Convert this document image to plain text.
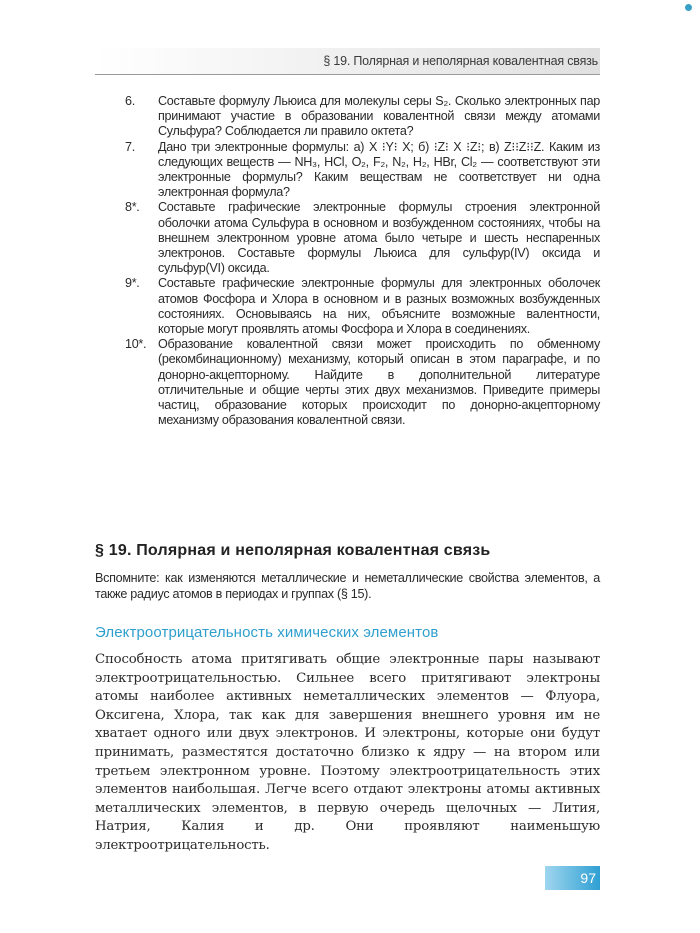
§ 19. Полярная и неполярная ковалентная связь
6.	Составьте формулу Льюиса для молекулы серы S₂. Сколько электронных пар принимают участие в образовании ковалентной связи между атомами Сульфура? Соблюдается ли правило октета?
7.	Дано три электронные формулы: а) X ⁝Y⁝ X; б) ⁝Z⁝ X ⁝Z⁝; в) Z⁝⁝Z⁝⁝Z. Каким из следующих веществ — NH₃, HCl, O₂, F₂, N₂, H₂, HBr, Cl₂ — соответствуют эти электронные формулы? Каким веществам не соответствует ни одна электронная формула?
8*.	Составьте графические электронные формулы строения электронной оболочки атома Сульфура в основном и возбужденном состояниях, чтобы на внешнем электронном уровне атома было четыре и шесть неспаренных электронов. Составьте формулы Льюиса для сульфур(IV) оксида и сульфур(VI) оксида.
9*.	Составьте графические электронные формулы для электронных оболочек атомов Фосфора и Хлора в основном и в разных возможных возбужденных состояниях. Основываясь на них, объясните возможные валентности, которые могут проявлять атомы Фосфора и Хлора в соединениях.
10*. Образование ковалентной связи может происходить по обменному (рекомбинационному) механизму, который описан в этом параграфе, и по донорно-акцепторному. Найдите в дополнительной литературе отличительные и общие черты этих двух механизмов. Приведите примеры частиц, образование которых происходит по донорно-акцепторному механизму образования ковалентной связи.
§ 19. Полярная и неполярная ковалентная связь
Вспомните: как изменяются металлические и неметаллические свойства элементов, а также радиус атомов в периодах и группах (§ 15).
Электроотрицательность химических элементов
Способность атома притягивать общие электронные пары называют электроотрицательностью. Сильнее всего притягивают электроны атомы наиболее активных неметаллических элементов — Флуора, Оксигена, Хлора, так как для завершения внешнего уровня им не хватает одного или двух электронов. И электроны, которые они будут принимать, разместятся достаточно близко к ядру — на втором или третьем электронном уровне. Поэтому электроотрицательность этих элементов наибольшая. Легче всего отдают электроны атомы активных металлических элементов, в первую очередь щелочных — Лития, Натрия, Калия и др. Они проявляют наименьшую электроотрицательность.
97
